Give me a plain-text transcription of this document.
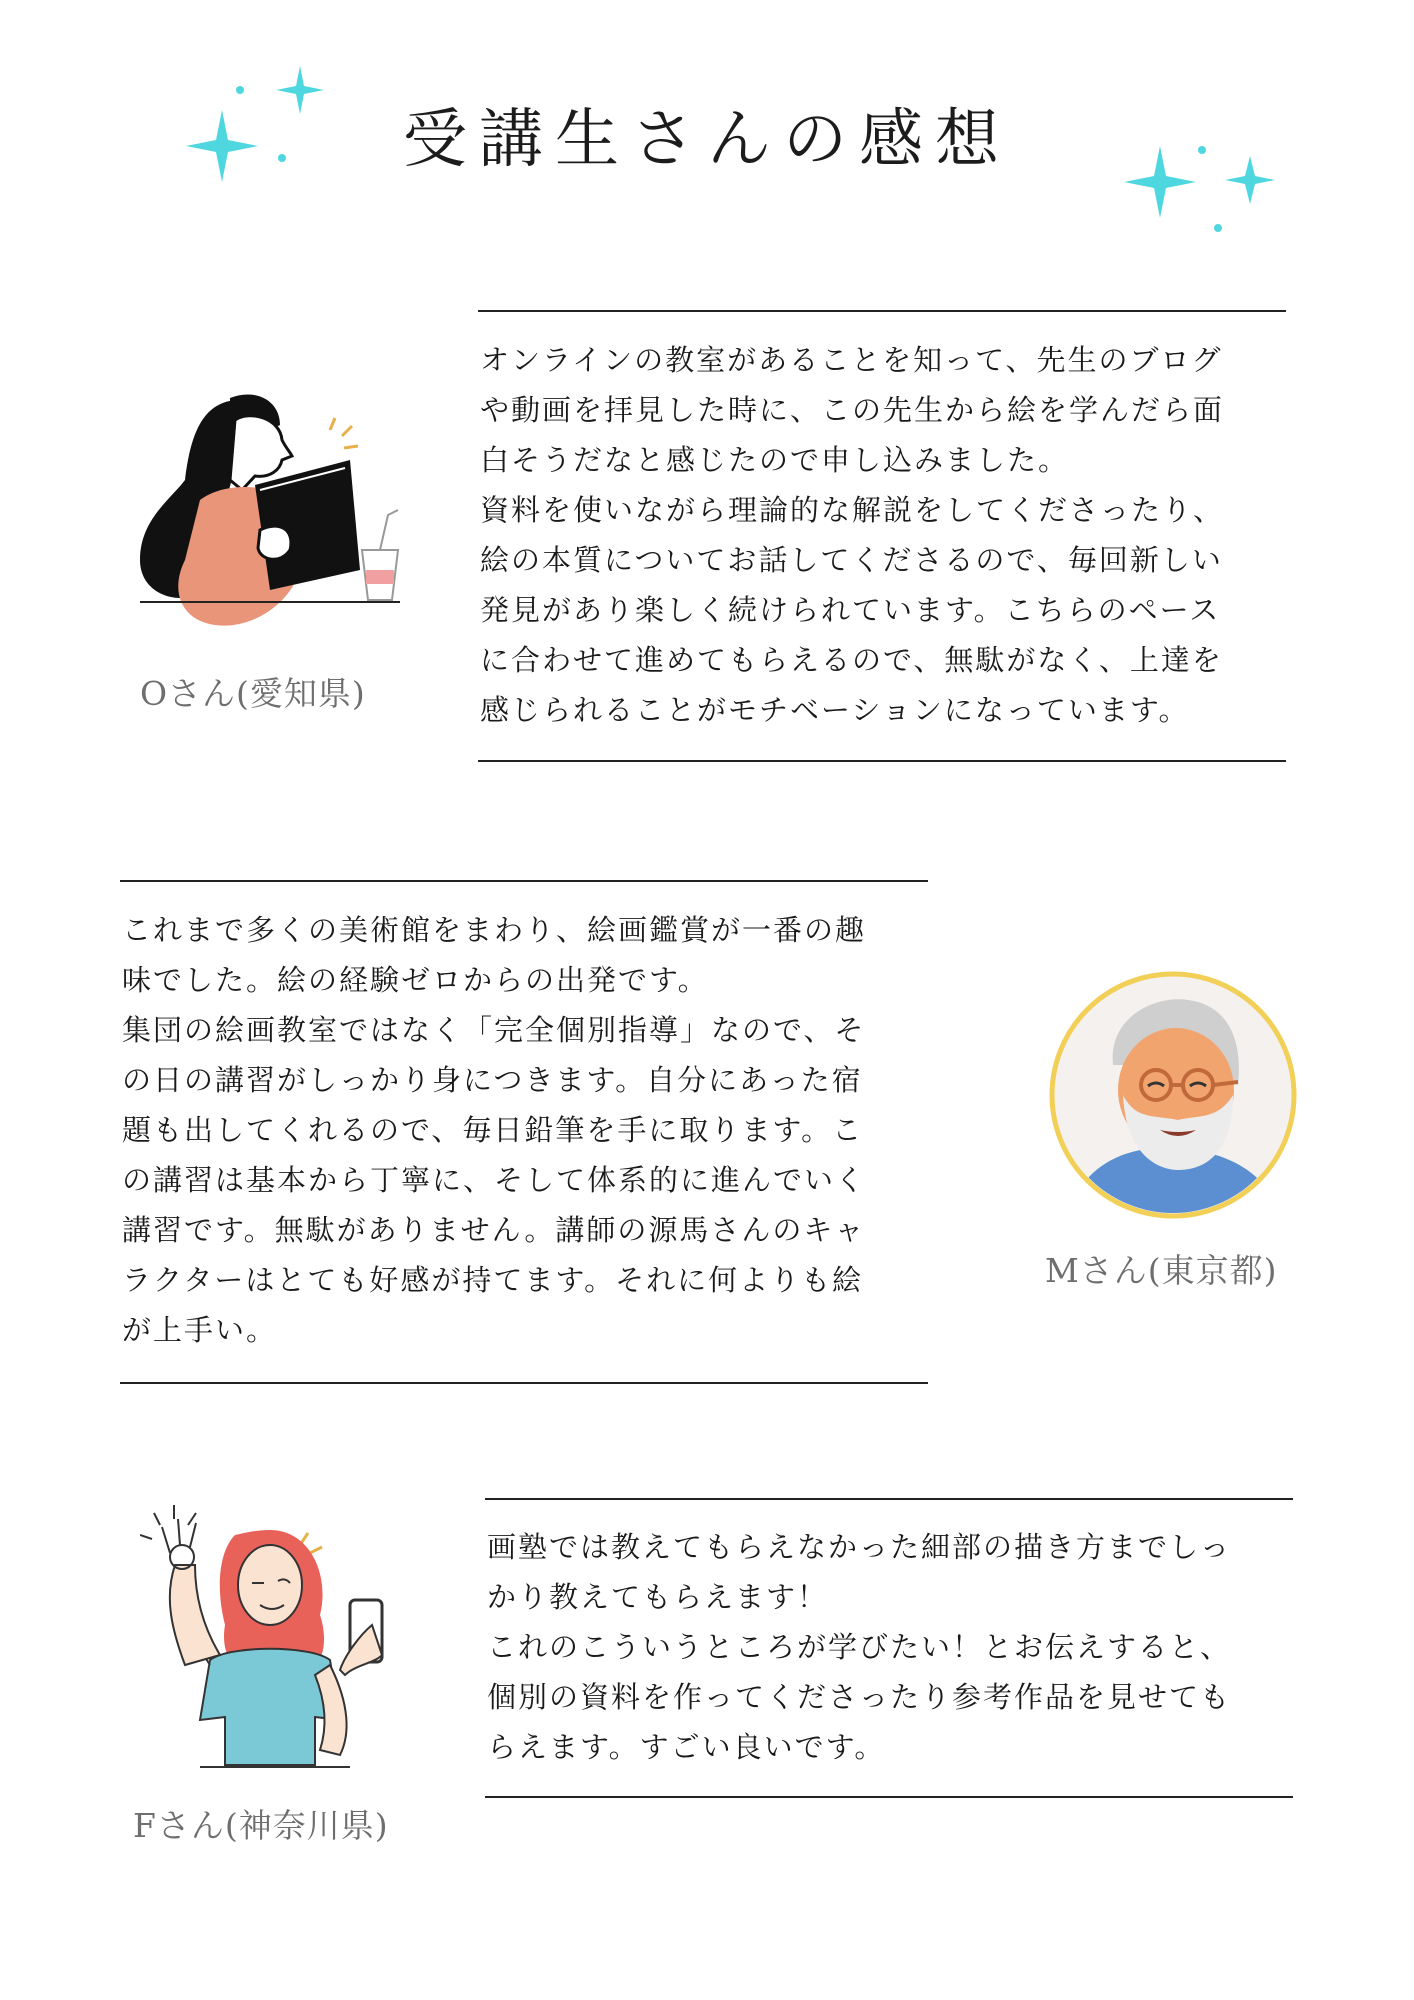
受講生さんの感想

オンラインの教室があることを知って、先生のブログ
や動画を拝見した時に、この先生から絵を学んだら面
白そうだなと感じたので申し込みました。
資料を使いながら理論的な解説をしてくださったり、
絵の本質についてお話してくださるので、毎回新しい
発見があり楽しく続けられています。こちらのペース
に合わせて進めてもらえるので、無駄がなく、上達を
感じられることがモチベーションになっています。

Oさん(愛知県)

これまで多くの美術館をまわり、絵画鑑賞が一番の趣
味でした。絵の経験ゼロからの出発です。
集団の絵画教室ではなく「完全個別指導」なので、そ
の日の講習がしっかり身につきます。自分にあった宿
題も出してくれるので、毎日鉛筆を手に取ります。こ
の講習は基本から丁寧に、そして体系的に進んでいく
講習です。無駄がありません。講師の源馬さんのキャ
ラクターはとても好感が持てます。それに何よりも絵
が上手い。

Mさん(東京都)

画塾では教えてもらえなかった細部の描き方までしっ
かり教えてもらえます！
これのこういうところが学びたい！とお伝えすると、
個別の資料を作ってくださったり参考作品を見せても
らえます。すごい良いです。

Fさん(神奈川県)
